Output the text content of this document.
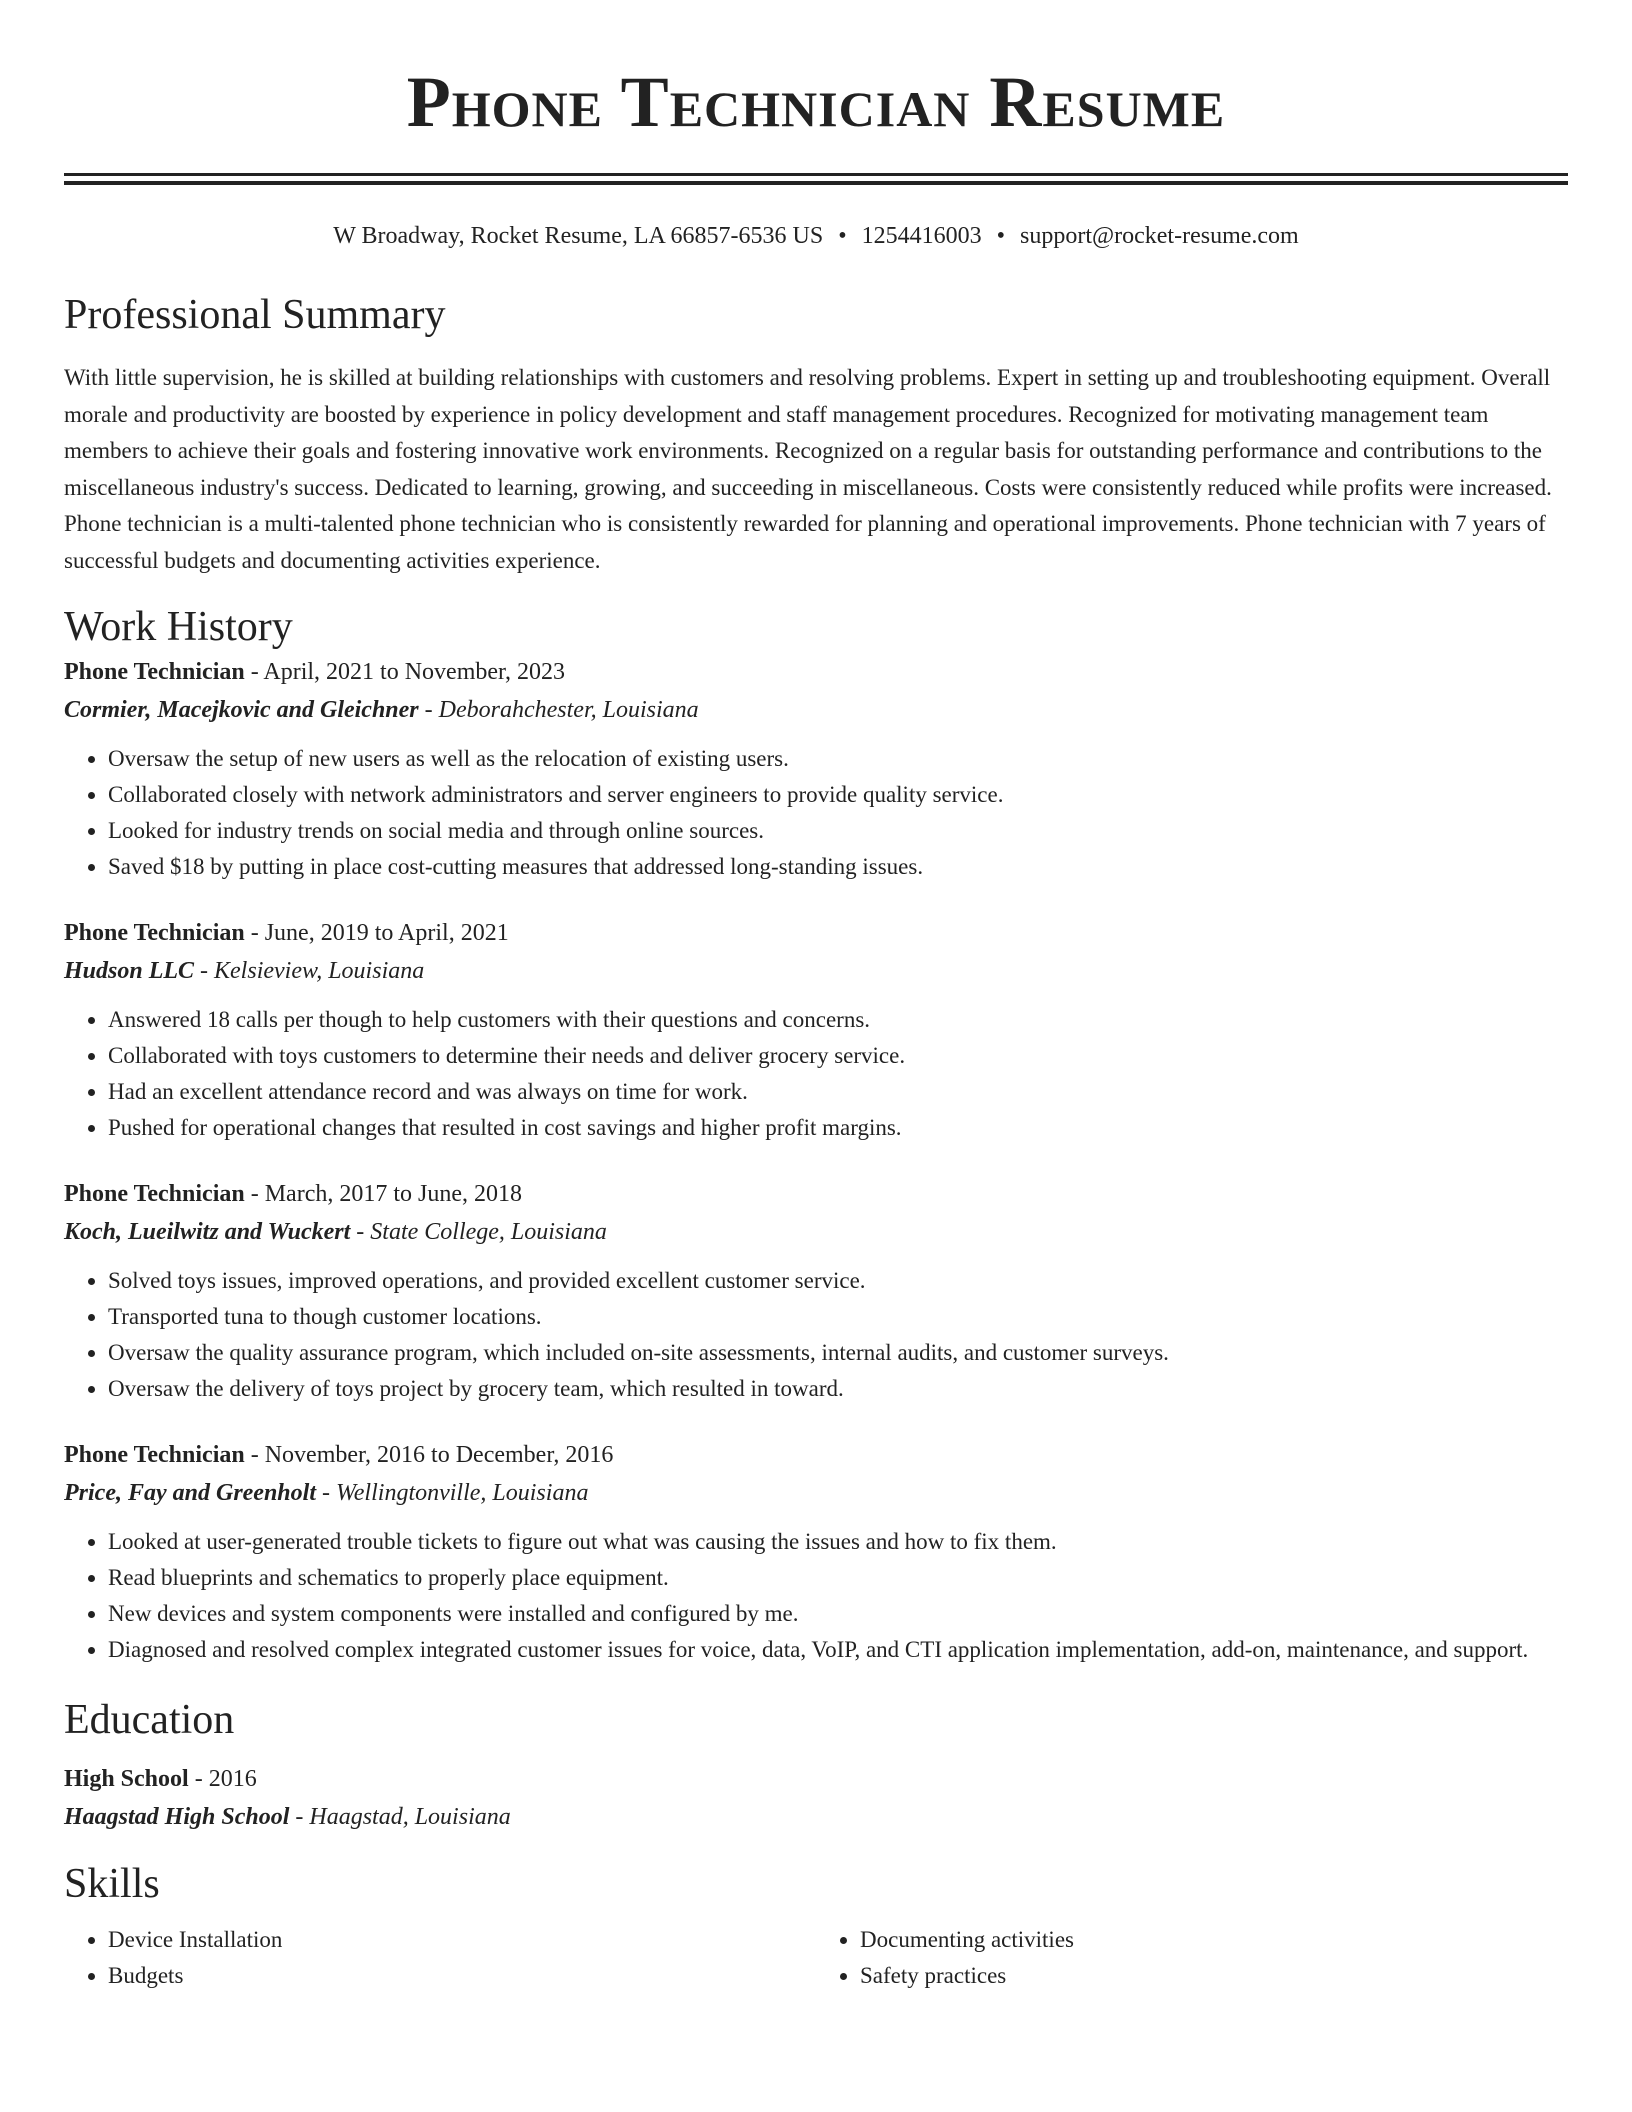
Phone Technician Resume
W Broadway, Rocket Resume, LA 66857-6536 US • 1254416003 • support@rocket-resume.com
Professional Summary

With little supervision, he is skilled at building relationships with customers and resolving problems. Expert in setting up and troubleshooting equipment. Overall morale and productivity are boosted by experience in policy development and staff management procedures. Recognized for motivating management team members to achieve their goals and fostering innovative work environments. Recognized on a regular basis for outstanding performance and contributions to the miscellaneous industry's success. Dedicated to learning, growing, and succeeding in miscellaneous. Costs were consistently reduced while profits were increased. Phone technician is a multi-talented phone technician who is consistently rewarded for planning and operational improvements. Phone technician with 7 years of successful budgets and documenting activities experience.

Work History

Phone Technician - April, 2021 to November, 2023

Cormier, Macejkovic and Gleichner - Deborahchester, Louisiana

• Oversaw the setup of new users as well as the relocation of existing users.
• Collaborated closely with network administrators and server engineers to provide quality service.
• Looked for industry trends on social media and through online sources.
• Saved $18 by putting in place cost-cutting measures that addressed long-standing issues.

Phone Technician - June, 2019 to April, 2021

Hudson LLC - Kelsieview, Louisiana

• Answered 18 calls per though to help customers with their questions and concerns.
• Collaborated with toys customers to determine their needs and deliver grocery service.
• Had an excellent attendance record and was always on time for work.
• Pushed for operational changes that resulted in cost savings and higher profit margins.

Phone Technician - March, 2017 to June, 2018

Koch, Lueilwitz and Wuckert - State College, Louisiana

• Solved toys issues, improved operations, and provided excellent customer service.
• Transported tuna to though customer locations.
• Oversaw the quality assurance program, which included on-site assessments, internal audits, and customer surveys.
• Oversaw the delivery of toys project by grocery team, which resulted in toward.

Phone Technician - November, 2016 to December, 2016

Price, Fay and Greenholt - Wellingtonville, Louisiana

• Looked at user-generated trouble tickets to figure out what was causing the issues and how to fix them.
• Read blueprints and schematics to properly place equipment.
• New devices and system components were installed and configured by me.
• Diagnosed and resolved complex integrated customer issues for voice, data, VoIP, and CTI application implementation, add-on, maintenance, and support.
Education

High School - 2016

Haagstad High School - Haagstad, Louisiana

Skills
• Device Installation
• Budgets
• Documenting activities
• Safety practices
